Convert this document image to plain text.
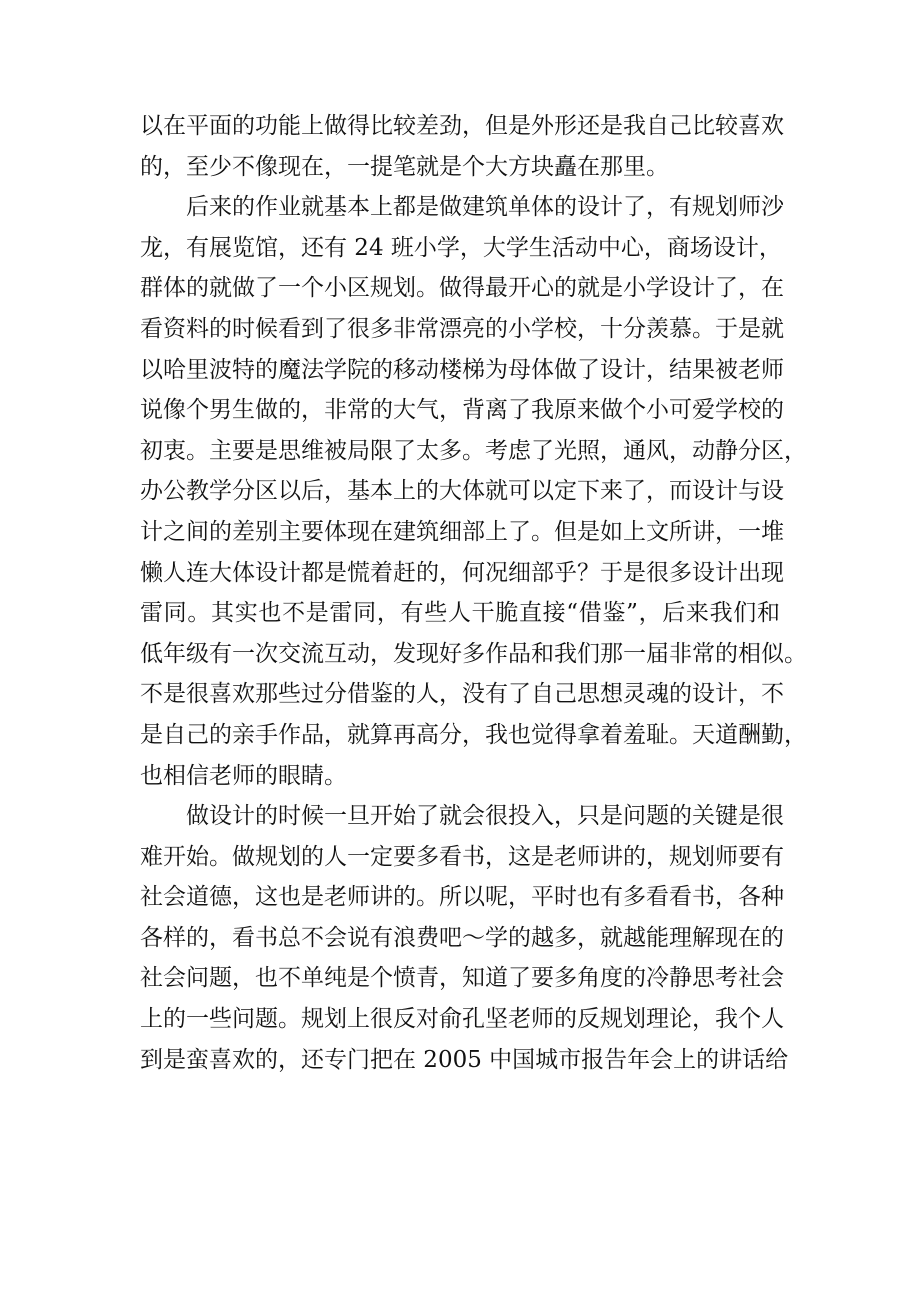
以在平面的功能上做得比较差劲，但是外形还是我自己比较喜欢
的，至少不像现在，一提笔就是个大方块矗在那里。
后来的作业就基本上都是做建筑单体的设计了，有规划师沙
龙，有展览馆，还有 24 班小学，大学生活动中心，商场设计，
群体的就做了一个小区规划。做得最开心的就是小学设计了，在
看资料的时候看到了很多非常漂亮的小学校，十分羡慕。于是就
以哈里波特的魔法学院的移动楼梯为母体做了设计，结果被老师
说像个男生做的，非常的大气，背离了我原来做个小可爱学校的
初衷。主要是思维被局限了太多。考虑了光照，通风，动静分区，
办公教学分区以后，基本上的大体就可以定下来了，而设计与设
计之间的差别主要体现在建筑细部上了。但是如上文所讲，一堆
懒人连大体设计都是慌着赶的，何况细部乎？于是很多设计出现
雷同。其实也不是雷同，有些人干脆直接“借鉴”，后来我们和
低年级有一次交流互动，发现好多作品和我们那一届非常的相似。
不是很喜欢那些过分借鉴的人，没有了自己思想灵魂的设计，不
是自己的亲手作品，就算再高分，我也觉得拿着羞耻。天道酬勤，
也相信老师的眼睛。
做设计的时候一旦开始了就会很投入，只是问题的关键是很
难开始。做规划的人一定要多看书，这是老师讲的，规划师要有
社会道德，这也是老师讲的。所以呢，平时也有多看看书，各种
各样的，看书总不会说有浪费吧～学的越多，就越能理解现在的
社会问题，也不单纯是个愤青，知道了要多角度的冷静思考社会
上的一些问题。规划上很反对俞孔坚老师的反规划理论，我个人
到是蛮喜欢的，还专门把在 2005 中国城市报告年会上的讲话给
